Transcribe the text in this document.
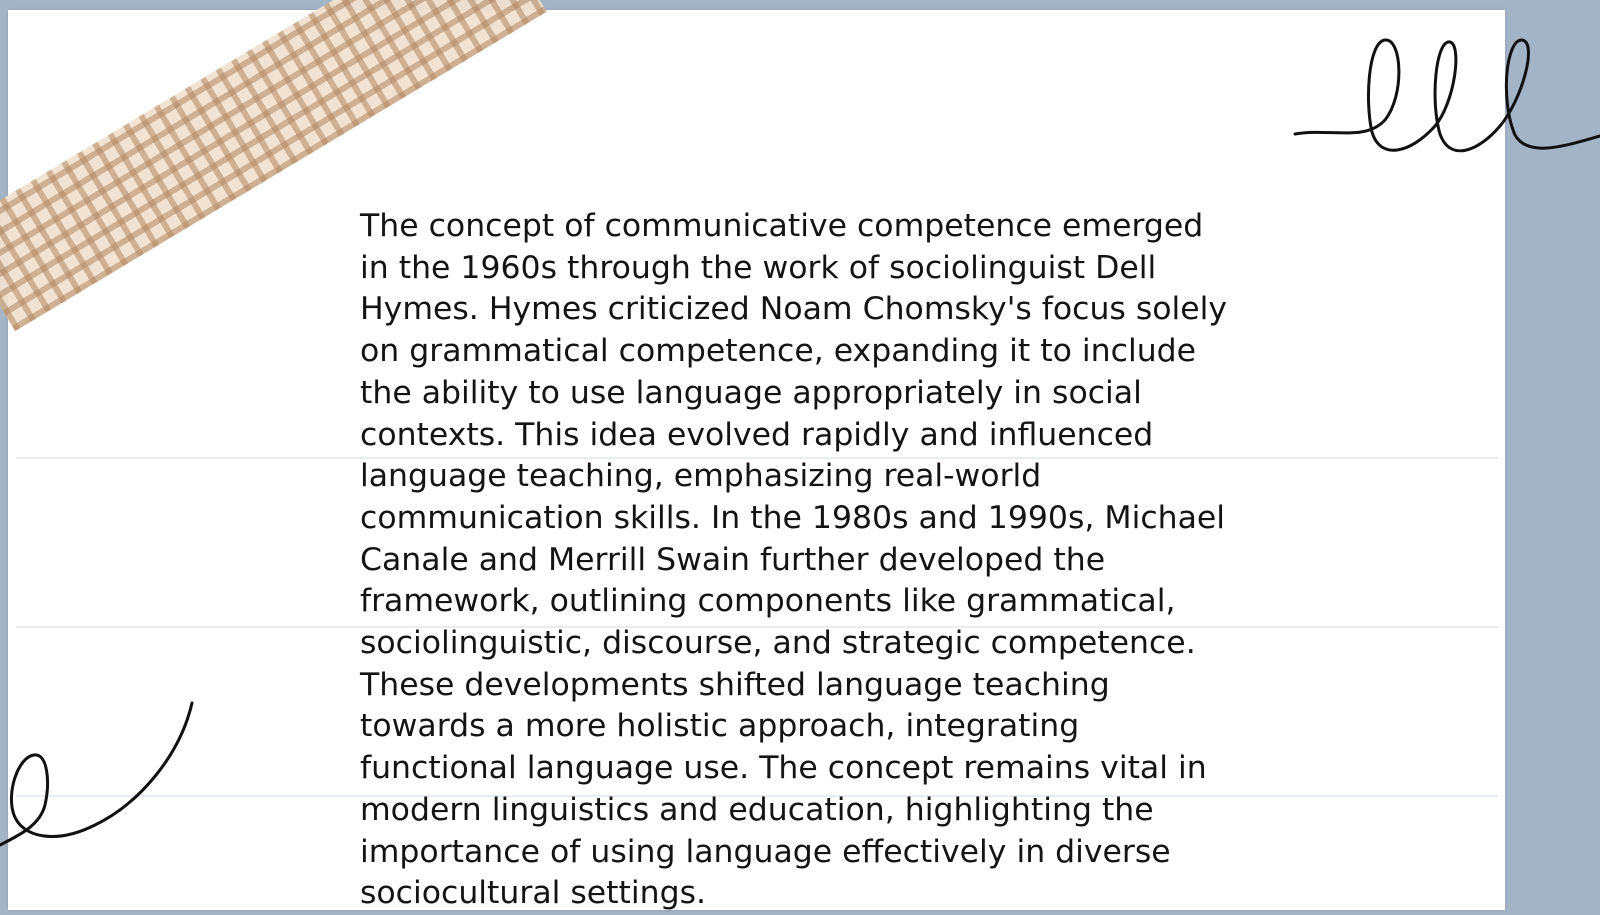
The concept of communicative competence emerged in the 1960s through the work of sociolinguist Dell Hymes. Hymes criticized Noam Chomsky's focus solely on grammatical competence, expanding it to include the ability to use language appropriately in social contexts. This idea evolved rapidly and influenced language teaching, emphasizing real-world communication skills. In the 1980s and 1990s, Michael Canale and Merrill Swain further developed the framework, outlining components like grammatical, sociolinguistic, discourse, and strategic competence. These developments shifted language teaching towards a more holistic approach, integrating functional language use. The concept remains vital in modern linguistics and education, highlighting the importance of using language effectively in diverse sociocultural settings.
